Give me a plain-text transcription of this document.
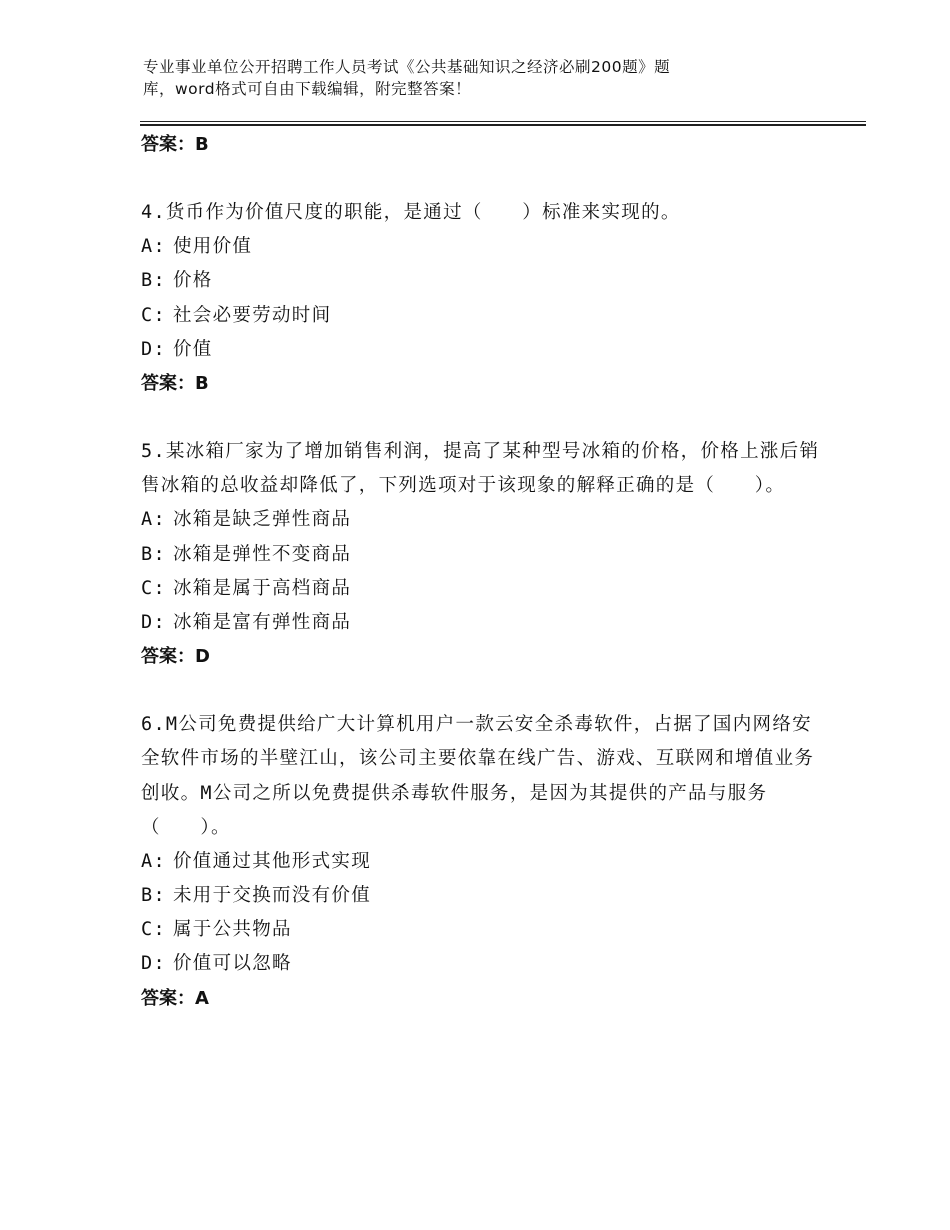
专业事业单位公开招聘工作人员考试《公共基础知识之经济必刷200题》题
库，word格式可自由下载编辑，附完整答案！
答案：B
4.货币作为价值尺度的职能，是通过（　　）标准来实现的。
A: 使用价值
B: 价格
C: 社会必要劳动时间
D: 价值
答案：B
5.某冰箱厂家为了增加销售利润，提高了某种型号冰箱的价格，价格上涨后销售冰箱的总收益却降低了，下列选项对于该现象的解释正确的是（　　）。
A: 冰箱是缺乏弹性商品
B: 冰箱是弹性不变商品
C: 冰箱是属于高档商品
D: 冰箱是富有弹性商品
答案：D
6.M公司免费提供给广大计算机用户一款云安全杀毒软件，占据了国内网络安全软件市场的半壁江山，该公司主要依靠在线广告、游戏、互联网和增值业务创收。M公司之所以免费提供杀毒软件服务，是因为其提供的产品与服务（　　）。
A: 价值通过其他形式实现
B: 未用于交换而没有价值
C: 属于公共物品
D: 价值可以忽略
答案：A
